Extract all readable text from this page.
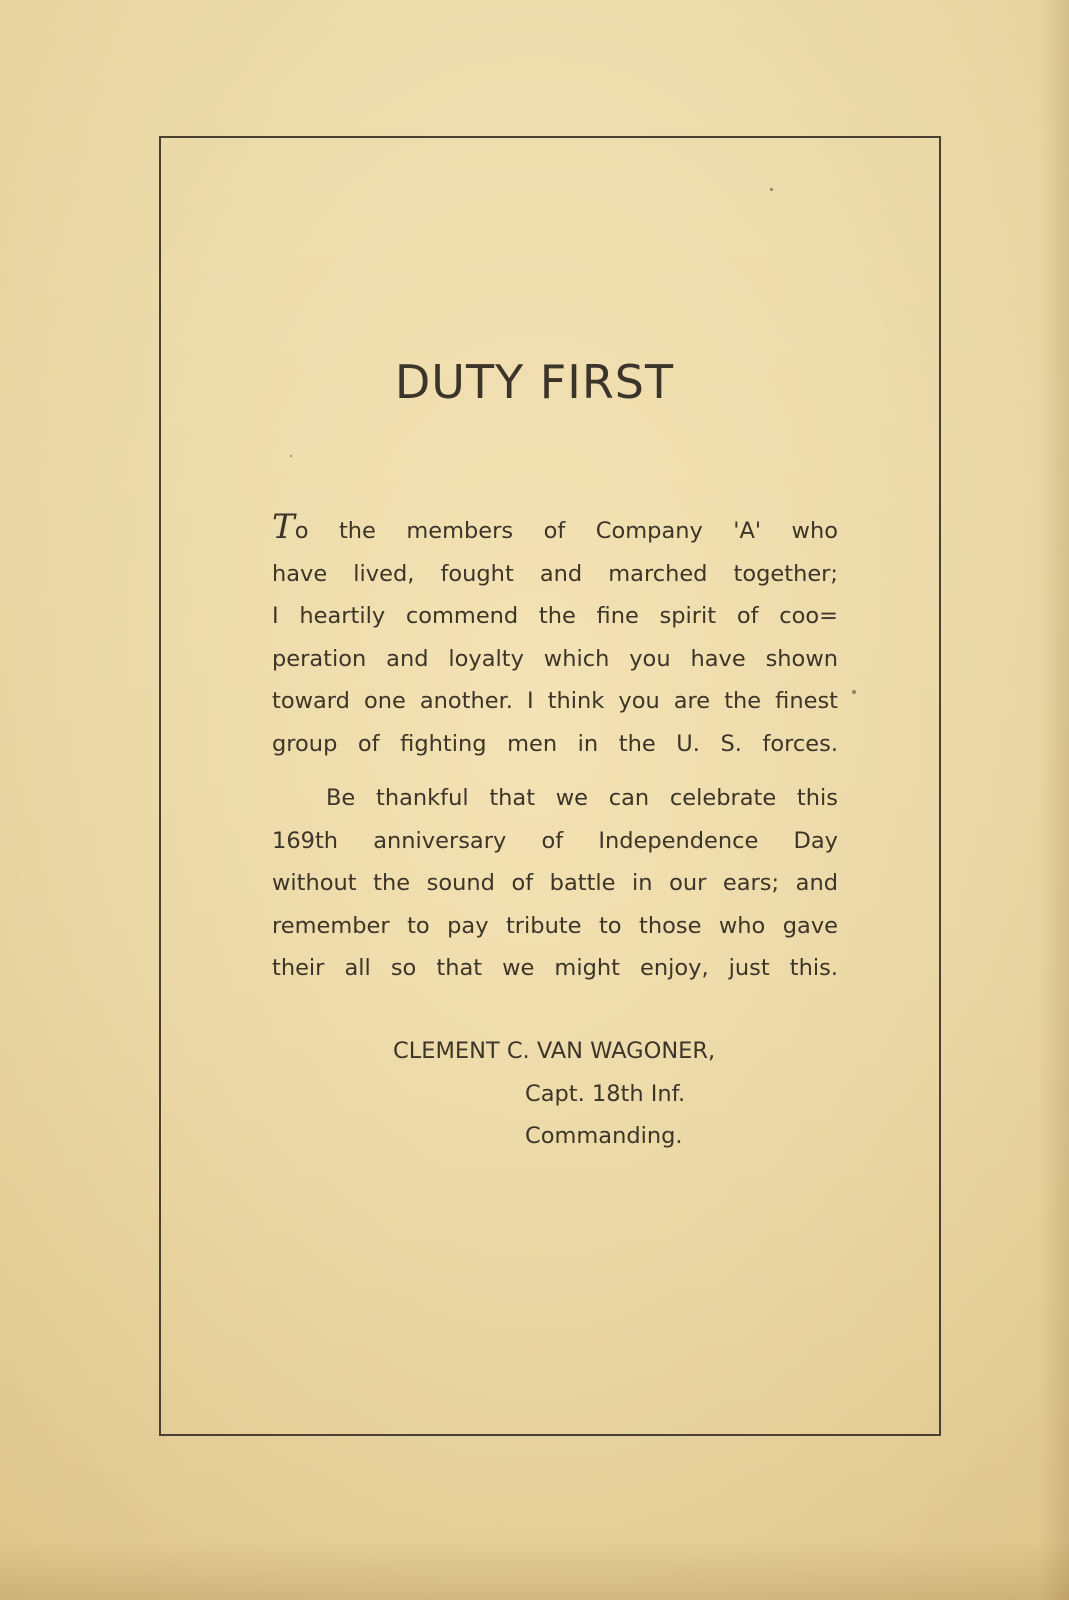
DUTY FIRST
To the members of Company 'A' who
have lived, fought and marched together;
I heartily commend the fine spirit of coo=
peration and loyalty which you have shown
toward one another. I think you are the finest
group of fighting men in the U. S. forces.
Be thankful that we can celebrate this
169th anniversary of Independence Day
without the sound of battle in our ears; and
remember to pay tribute to those who gave
their all so that we might enjoy, just this.
CLEMENT C. VAN WAGONER,
Capt. 18th Inf.
Commanding.
